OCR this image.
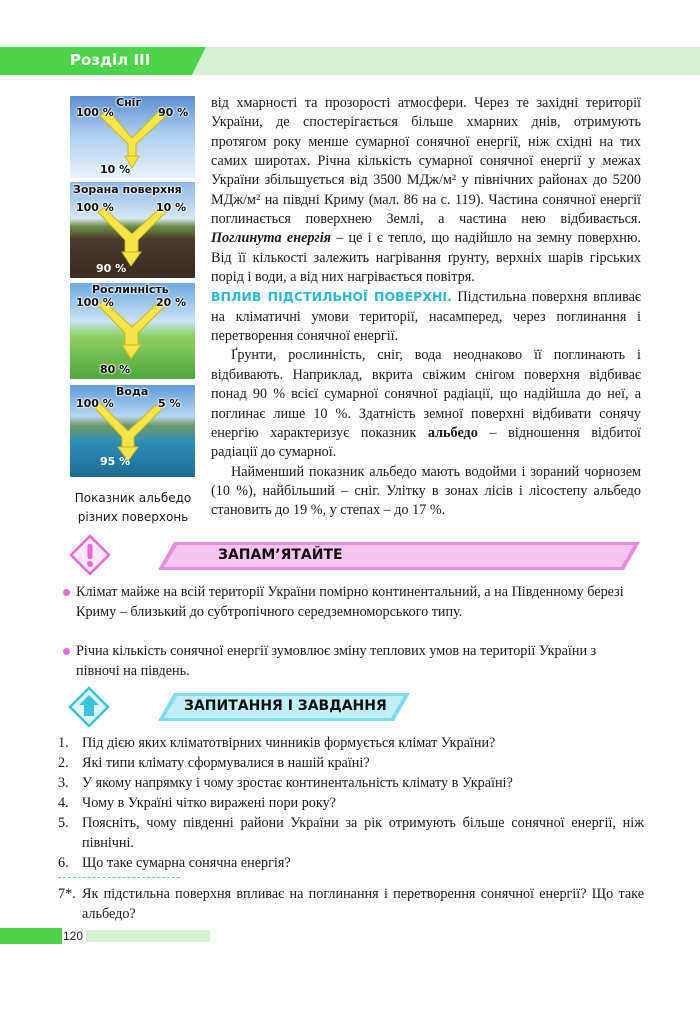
Розділ III
Сніг
100 %	90 %
10 %
Зорана поверхня
100 %	10 %
90 %
Рослинність
100 %	20 %
80 %
Вода
100 %	5 %
95 %
Показник альбедо
різних поверхонь

від хмарності та прозорості атмосфери. Через те західні території України, де спостерігається більше хмарних днів, отримують протягом року менше сумарної сонячної енергії, ніж східні на тих самих широтах. Річна кількість сумарної сонячної енергії у межах України збільшується від 3500 МДж/м² у північних районах до 5200 МДж/м² на півдні Криму (мал. 86 на с. 119). Частина сонячної енергії поглинається поверхнею Землі, а частина нею відбивається. Поглинута енергія – це і є тепло, що надійшло на земну поверхню. Від її кількості залежить нагрівання ґрунту, верхніх шарів гірських порід і води, а від них нагрівається повітря.

ВПЛИВ ПІДСТИЛЬНОЇ ПОВЕРХНІ. Підстильна поверхня впливає на кліматичні умови території, насамперед, через поглинання і перетворення сонячної енергії.

Ґрунти, рослинність, сніг, вода неоднаково її поглинають і відбивають. Наприклад, вкрита свіжим снігом поверхня відбиває понад 90 % всієї сумарної сонячної радіації, що надійшла до неї, а поглинає лише 10 %. Здатність земної поверхні відбивати сонячу енергію характеризує показник альбедо – відношення відбитої радіації до сумарної.

Найменший показник альбедо мають водойми і зораний чорнозем (10 %), найбільший – сніг. Улітку в зонах лісів і лісостепу альбедо становить до 19 %, у степах – до 17 %.

ЗАПАМ’ЯТАЙТЕ
Клімат майже на всій території України помірно континентальний, а на Південному березі Криму – близький до субтропічного середземноморського типу.
Річна кількість сонячної енергії зумовлює зміну теплових умов на території України з півночі на південь.
ЗАПИТАННЯ І ЗАВДАННЯ
1. Під дією яких кліматотвірних чинників формується клімат України?
2. Які типи клімату сформувалися в нашій країні?
3. У якому напрямку і чому зростає континентальність клімату в Україні?
4. Чому в Україні чітко виражені пори року?
5. Поясніть, чому південні райони України за рік отримують більше сонячної енергії, ніж північні.
6. Що таке сумарна сонячна енергія?
7*. Як підстильна поверхня впливає на поглинання і перетворення сонячної енергії? Що таке альбедо?
120
